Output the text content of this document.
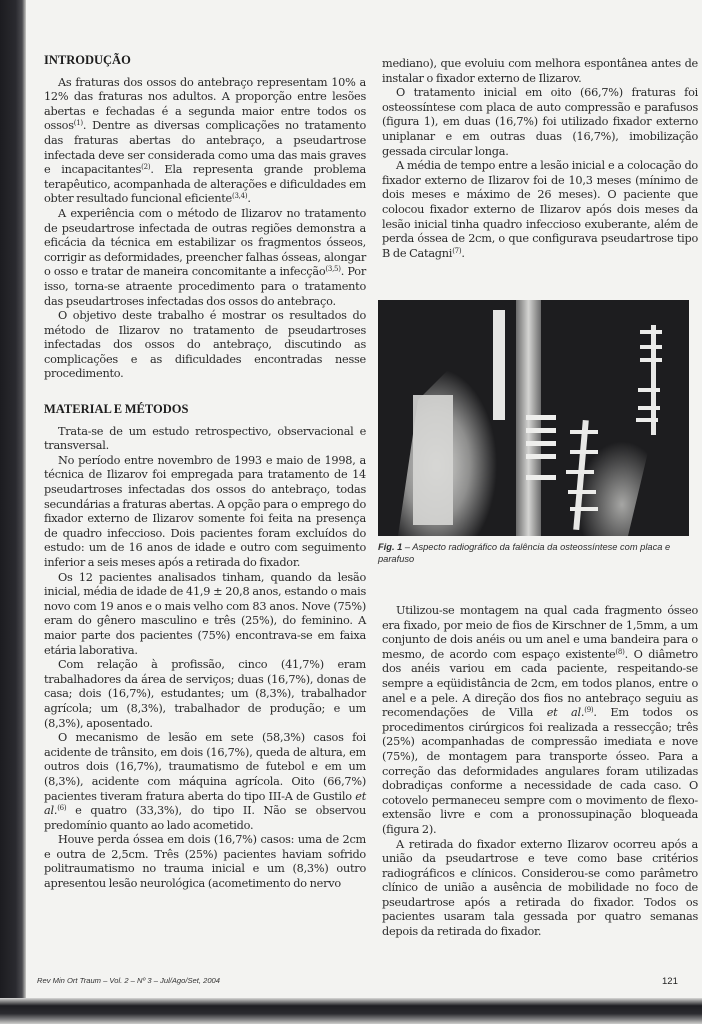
INTRODUÇÃO

As fraturas dos ossos do antebraço representam 10% a 12% das fraturas nos adultos. A proporção entre lesões abertas e fechadas é a segunda maior entre todos os ossos$^{(1)}$. Dentre as diversas complicações no tratamento das fraturas abertas do antebraço, a pseudartrose infectada deve ser considerada como uma das mais graves e incapacitantes$^{(2)}$. Ela representa grande problema terapêutico, acompanhada de alterações e dificuldades em obter resultado funcional eficiente$^{(3,4)}$.

A experiência com o método de Ilizarov no tratamento de pseudartrose infectada de outras regiões demonstra a eficácia da técnica em estabilizar os fragmentos ósseos, corrigir as deformidades, preencher falhas ósseas, alongar o osso e tratar de maneira concomitante a infecção$^{(3,5)}$. Por isso, torna-se atraente procedimento para o tratamento das pseudartroses infectadas dos ossos do antebraço.

O objetivo deste trabalho é mostrar os resultados do método de Ilizarov no tratamento de pseudartroses infectadas dos ossos do antebraço, discutindo as complicações e as dificuldades encontradas nesse procedimento.

MATERIAL E MÉTODOS

Trata-se de um estudo retrospectivo, observacional e transversal.

No período entre novembro de 1993 e maio de 1998, a técnica de Ilizarov foi empregada para tratamento de 14 pseudartroses infectadas dos ossos do antebraço, todas secundárias a fraturas abertas. A opção para o emprego do fixador externo de Ilizarov somente foi feita na presença de quadro infeccioso. Dois pacientes foram excluídos do estudo: um de 16 anos de idade e outro com seguimento inferior a seis meses após a retirada do fixador.

Os 12 pacientes analisados tinham, quando da lesão inicial, média de idade de 41,9 ± 20,8 anos, estando o mais novo com 19 anos e o mais velho com 83 anos. Nove (75%) eram do gênero masculino e três (25%), do feminino. A maior parte dos pacientes (75%) encontrava-se em faixa etária laborativa.

Com relação à profissão, cinco (41,7%) eram trabalhadores da área de serviços; duas (16,7%), donas de casa; dois (16,7%), estudantes; um (8,3%), trabalhador agrícola; um (8,3%), trabalhador de produção; e um (8,3%), aposentado.

O mecanismo de lesão em sete (58,3%) casos foi acidente de trânsito, em dois (16,7%), queda de altura, em outros dois (16,7%), traumatismo de futebol e em um (8,3%), acidente com máquina agrícola. Oito (66,7%) pacientes tiveram fratura aberta do tipo III-A de Gustilo et al.$^{(6)}$ e quatro (33,3%), do tipo II. Não se observou predomínio quanto ao lado acometido.

Houve perda óssea em dois (16,7%) casos: uma de 2cm e outra de 2,5cm. Três (25%) pacientes haviam sofrido politraumatismo no trauma inicial e um (8,3%) outro apresentou lesão neurológica (acometimento do nervo

mediano), que evoluiu com melhora espontânea antes de instalar o fixador externo de Ilizarov.

O tratamento inicial em oito (66,7%) fraturas foi osteossíntese com placa de auto compressão e parafusos (figura 1), em duas (16,7%) foi utilizado fixador externo uniplanar e em outras duas (16,7%), imobilização gessada circular longa.

A média de tempo entre a lesão inicial e a colocação do fixador externo de Ilizarov foi de 10,3 meses (mínimo de dois meses e máximo de 26 meses). O paciente que colocou fixador externo de Ilizarov após dois meses da lesão inicial tinha quadro infeccioso exuberante, além de perda óssea de 2cm, o que configurava pseudartrose tipo B de Catagni$^{(7)}$.

Fig. 1 – Aspecto radiográfico da falência da osteossíntese com placa e parafuso

Utilizou-se montagem na qual cada fragmento ósseo era fixado, por meio de fios de Kirschner de 1,5mm, a um conjunto de dois anéis ou um anel e uma bandeira para o mesmo, de acordo com espaço existente$^{(8)}$. O diâmetro dos anéis variou em cada paciente, respeitando-se sempre a eqüidistância de 2cm, em todos planos, entre o anel e a pele. A direção dos fios no antebraço seguiu as recomendações de Villa et al.$^{(9)}$. Em todos os procedimentos cirúrgicos foi realizada a ressecção; três (25%) acompanhadas de compressão imediata e nove (75%), de montagem para transporte ósseo. Para a correção das deformidades angulares foram utilizadas dobradiças conforme a necessidade de cada caso. O cotovelo permaneceu sempre com o movimento de flexo-extensão livre e com a pronossupinação bloqueada (figura 2).

A retirada do fixador externo Ilizarov ocorreu após a união da pseudartrose e teve como base critérios radiográficos e clínicos. Considerou-se como parâmetro clínico de união a ausência de mobilidade no foco de pseudartrose após a retirada do fixador. Todos os pacientes usaram tala gessada por quatro semanas depois da retirada do fixador.

Rev Min Ort Traum – Vol. 2 – Nº 3 – Jul/Ago/Set, 2004	121
